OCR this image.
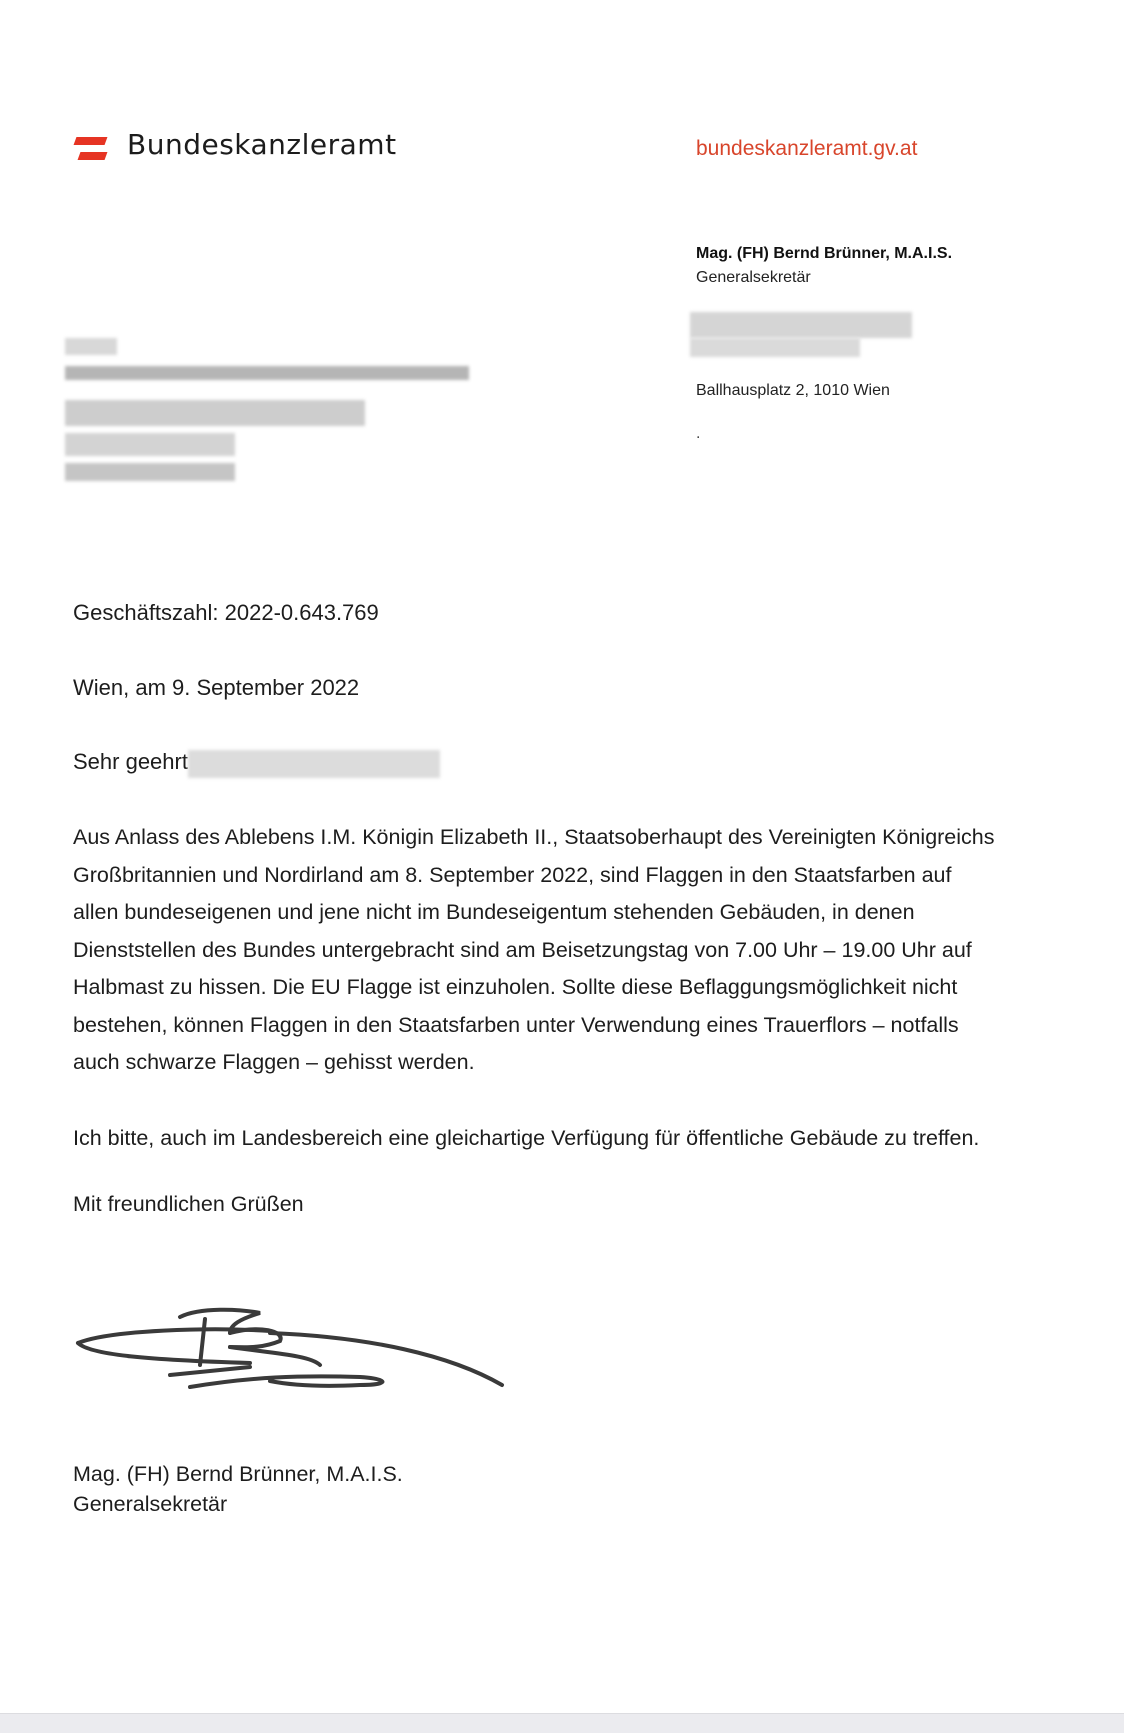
Bundeskanzleramt	bundeskanzleramt.gv.at
Mag. (FH) Bernd Brünner, M.A.I.S.
Generalsekretär
Ballhausplatz 2, 1010 Wien
.
Geschäftszahl: 2022-0.643.769
Wien, am 9. September 2022
Sehr geehrt
Aus Anlass des Ablebens I.M. Königin Elizabeth II., Staatsoberhaupt des Vereinigten Königreichs
Großbritannien und Nordirland am 8. September 2022, sind Flaggen in den Staatsfarben auf
allen bundeseigenen und jene nicht im Bundeseigentum stehenden Gebäuden, in denen
Dienststellen des Bundes untergebracht sind am Beisetzungstag von 7.00 Uhr – 19.00 Uhr auf
Halbmast zu hissen. Die EU Flagge ist einzuholen. Sollte diese Beflaggungsmöglichkeit nicht
bestehen, können Flaggen in den Staatsfarben unter Verwendung eines Trauerflors – notfalls
auch schwarze Flaggen – gehisst werden.
Ich bitte, auch im Landesbereich eine gleichartige Verfügung für öffentliche Gebäude zu treffen.
Mit freundlichen Grüßen
Mag. (FH) Bernd Brünner, M.A.I.S.
Generalsekretär
